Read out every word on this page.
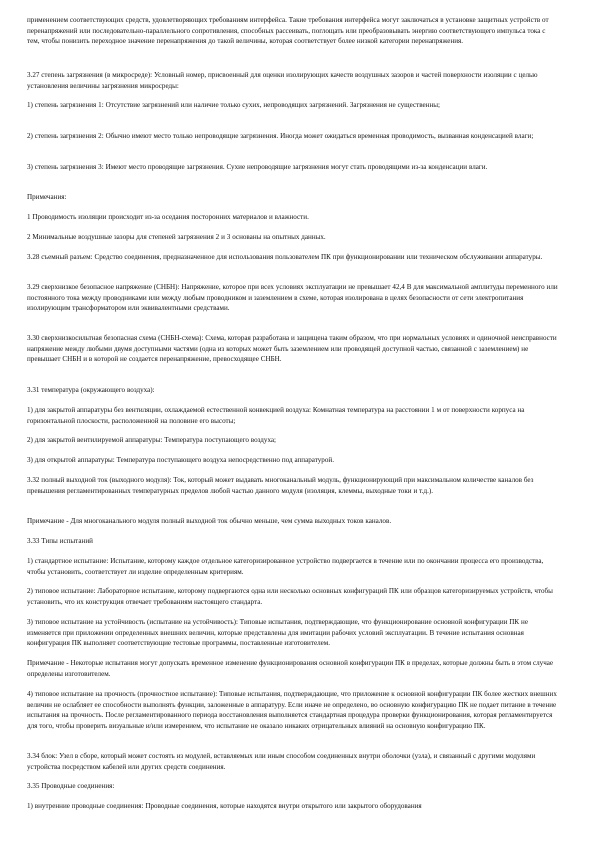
применением соответствующих средств, удовлетворяющих требованиям интерфейса. Такие требования интерфейса могут заключаться в установке защитных устройств от перенапряжений или последовательно-параллельного сопротивления, способных рассеивать, поглощать или преобразовывать энергию соответствующего импульса тока с тем, чтобы понизить переходное значение перенапряжения до такой величины, которая соответствует более низкой категории перенапряжения.

3.27 степень загрязнения (в микросреде): Условный номер, присвоенный для оценки изолирующих качеств воздушных зазоров и частей поверхности изоляции с целью установления величины загрязнения микросреды:

1) степень загрязнения 1: Отсутствие загрязнений или наличие только сухих, непроводящих загрязнений. Загрязнения не существенны;

2) степень загрязнения 2: Обычно имеют место только непроводящие загрязнения. Иногда может ожидаться временная проводимость, вызванная конденсацией влаги;

3) степень загрязнения 3: Имеют место проводящие загрязнения. Сухие непроводящие загрязнения могут стать проводящими из-за конденсации влаги.

Примечания:

1 Проводимость изоляции происходит из-за оседания посторонних материалов и влажности.

2 Минимальные воздушные зазоры для степеней загрязнения 2 и 3 основаны на опытных данных.

3.28 съемный разъем: Средство соединения, предназначенное для использования пользователем ПК при функционировании или техническом обслуживании аппаратуры.

3.29 сверхнизкое безопасное напряжение (СНБН): Напряжение, которое при всех условиях эксплуатации не превышает 42,4 В для максимальной амплитуды переменного или постоянного тока между проводниками или между любым проводником и заземлением в схеме, которая изолирована в целях безопасности от сети электропитания изолирующим трансформатором или эквивалентными средствами.

3.30 сверхнизкосильтная безопасная схема (СНБН-схема): Схема, которая разработана и защищена таким образом, что при нормальных условиях и одиночной неисправности напряжение между любыми двумя доступными частями (одна из которых может быть заземлением или проводящей доступной частью, связанной с заземлением) не превышает СНБН и в которой не создается перенапряжение, превосходящее СНБН.

3.31 температура (окружающего воздуха):

1) для закрытой аппаратуры без вентиляции, охлаждаемой естественной конвекцией воздуха: Комнатная температура на расстоянии 1 м от поверхности корпуса на горизонтальной плоскости, расположенной на половине его высоты;

2) для закрытой вентилируемой аппаратуры: Температура поступающего воздуха;

3) для открытой аппаратуры: Температура поступающего воздуха непосредственно под аппаратурой.

3.32 полный выходной ток (выходного модуля): Ток, который может выдавать многоканальный модуль, функционирующий при максимальном количестве каналов без превышения регламентированных температурных пределов любой частью данного модуля (изоляция, клеммы, выходные токи и т.д.).

Примечание - Для многоканального модуля полный выходной ток обычно меньше, чем сумма выходных токов каналов.

3.33 Типы испытаний

1) стандартное испытание: Испытание, которому каждое отдельное категоризированное устройство подвергается в течение или по окончании процесса его производства, чтобы установить, соответствует ли изделие определенным критериям.

2) типовое испытание: Лабораторное испытание, которому подвергаются одна или несколько основных конфигураций ПК или образцов категоризируемых устройств, чтобы установить, что их конструкция отвечает требованиям настоящего стандарта.

3) типовое испытание на устойчивость (испытание на устойчивость): Типовые испытания, подтверждающие, что функционирование основной конфигурации ПК не изменяется при приложении определенных внешних величин, которые представлены для имитации рабочих условий эксплуатации. В течение испытания основная конфигурация ПК выполняет соответствующие тестовые программы, поставленные изготовителем.

Примечание - Некоторые испытания могут допускать временное изменение функционирования основной конфигурации ПК в пределах, которые должны быть в этом случае определены изготовителем.

4) типовое испытание на прочность (прочностное испытание): Типовые испытания, подтверждающие, что приложение к основной конфигурации ПК более жестких внешних величин не ослабляет ее способности выполнять функции, заложенные в аппаратуру. Если иначе не определено, во основную конфигурацию ПК не подает питание в течение испытания на прочность. После регламентированного периода восстановления выполняется стандартная процедура проверки функционирования, которая регламентируется для того, чтобы проверить визуальные и/или измерением, что испытание не оказало никаких отрицательных влияний на основную конфигурацию ПК.

3.34 блок: Узел в сборе, который может состоять из модулей, вставляемых или иным способом соединенных внутри оболочки (узла), и связанный с другими модулями устройства посредством кабелей или других средств соединения.

3.35 Проводные соединения:

1) внутренние проводные соединения: Проводные соединения, которые находятся внутри открытого или закрытого оборудования
